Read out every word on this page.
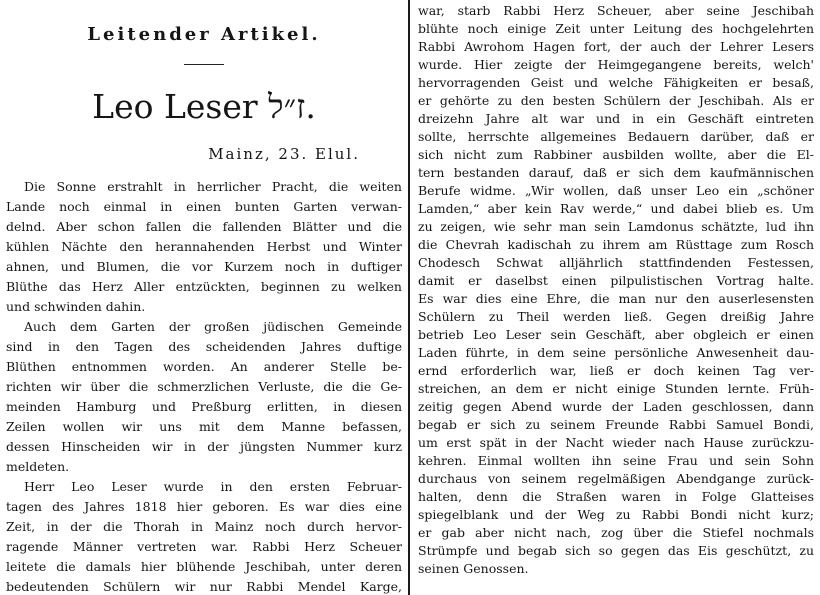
Leitender Artikel.
Leo Leser ז״ל.
Mainz, 23. Elul.
Die Sonne erstrahlt in herrlicher Pracht, die weiten
Lande noch einmal in einen bunten Garten verwan-
delnd. Aber schon fallen die fallenden Blätter und die
kühlen Nächte den herannahenden Herbst und Winter
ahnen, und Blumen, die vor Kurzem noch in duftiger
Blüthe das Herz Aller entzückten, beginnen zu welken
und schwinden dahin.
Auch dem Garten der großen jüdischen Gemeinde
sind in den Tagen des scheidenden Jahres duftige
Blüthen entnommen worden. An anderer Stelle be-
richten wir über die schmerzlichen Verluste, die die Ge-
meinden Hamburg und Preßburg erlitten, in diesen
Zeilen wollen wir uns mit dem Manne befassen,
dessen Hinscheiden wir in der jüngsten Nummer kurz
meldeten.
Herr Leo Leser wurde in den ersten Februar-
tagen des Jahres 1818 hier geboren. Es war dies eine
Zeit, in der die Thorah in Mainz noch durch hervor-
ragende Männer vertreten war. Rabbi Herz Scheuer
leitete die damals hier blühende Jeschibah, unter deren
bedeutenden Schülern wir nur Rabbi Mendel Karge,
war, starb Rabbi Herz Scheuer, aber seine Jeschibah
blühte noch einige Zeit unter Leitung des hochgelehrten
Rabbi Awrohom Hagen fort, der auch der Lehrer Lesers
wurde. Hier zeigte der Heimgegangene bereits, welch'
hervorragenden Geist und welche Fähigkeiten er besaß,
er gehörte zu den besten Schülern der Jeschibah. Als er
dreizehn Jahre alt war und in ein Geschäft eintreten
sollte, herrschte allgemeines Bedauern darüber, daß er
sich nicht zum Rabbiner ausbilden wollte, aber die El-
tern bestanden darauf, daß er sich dem kaufmännischen
Berufe widme. „Wir wollen, daß unser Leo ein „schöner
Lamden,“ aber kein Rav werde,“ und dabei blieb es. Um
zu zeigen, wie sehr man sein Lamdonus schätzte, lud ihn
die Chevrah kadischah zu ihrem am Rüsttage zum Rosch
Chodesch Schwat alljährlich stattfindenden Festessen,
damit er daselbst einen pilpulistischen Vortrag halte.
Es war dies eine Ehre, die man nur den auserlesensten
Schülern zu Theil werden ließ. Gegen dreißig Jahre
betrieb Leo Leser sein Geschäft, aber obgleich er einen
Laden führte, in dem seine persönliche Anwesenheit dau-
ernd erforderlich war, ließ er doch keinen Tag ver-
streichen, an dem er nicht einige Stunden lernte. Früh-
zeitig gegen Abend wurde der Laden geschlossen, dann
begab er sich zu seinem Freunde Rabbi Samuel Bondi,
um erst spät in der Nacht wieder nach Hause zurückzu-
kehren. Einmal wollten ihn seine Frau und sein Sohn
durchaus von seinem regelmäßigen Abendgange zurück-
halten, denn die Straßen waren in Folge Glatteises
spiegelblank und der Weg zu Rabbi Bondi nicht kurz;
er gab aber nicht nach, zog über die Stiefel nochmals
Strümpfe und begab sich so gegen das Eis geschützt, zu
seinen Genossen.
